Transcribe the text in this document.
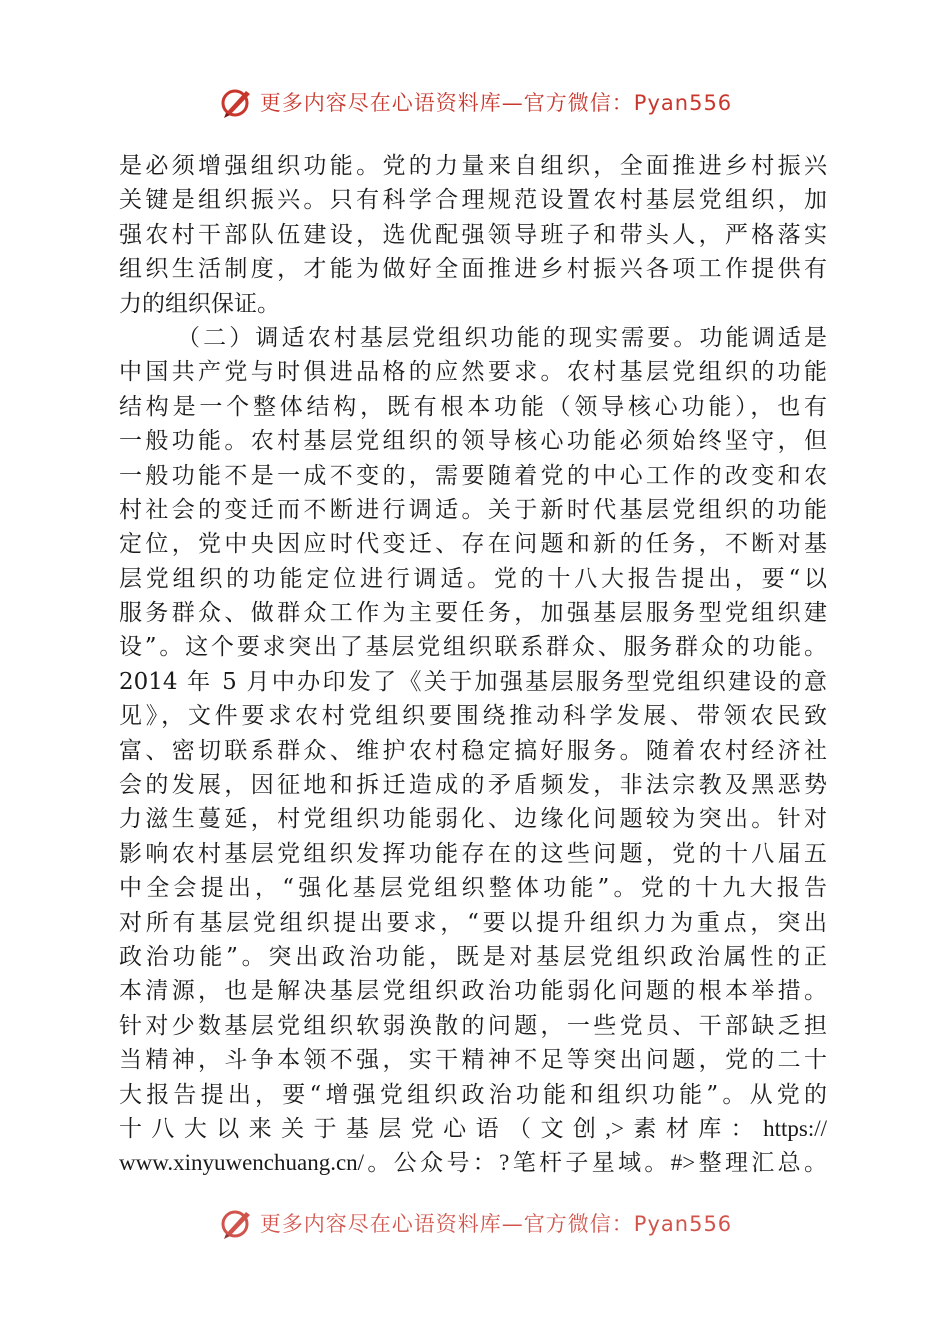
更多内容尽在心语资料库—官方微信：Pyan556
是必须增强组织功能。党的力量来自组织，全面推进乡村振兴
关键是组织振兴。只有科学合理规范设置农村基层党组织，加
强农村干部队伍建设，选优配强领导班子和带头人，严格落实
组织生活制度，才能为做好全面推进乡村振兴各项工作提供有
力的组织保证。
（二）调适农村基层党组织功能的现实需要。功能调适是
中国共产党与时俱进品格的应然要求。农村基层党组织的功能
结构是一个整体结构，既有根本功能（领导核心功能），也有
一般功能。农村基层党组织的领导核心功能必须始终坚守，但
一般功能不是一成不变的，需要随着党的中心工作的改变和农
村社会的变迁而不断进行调适。关于新时代基层党组织的功能
定位，党中央因应时代变迁、存在问题和新的任务，不断对基
层党组织的功能定位进行调适。党的十八大报告提出，要“以
服务群众、做群众工作为主要任务，加强基层服务型党组织建
设”。这个要求突出了基层党组织联系群众、服务群众的功能。
2014 年 5 月中办印发了《关于加强基层服务型党组织建设的意
见》，文件要求农村党组织要围绕推动科学发展、带领农民致
富、密切联系群众、维护农村稳定搞好服务。随着农村经济社
会的发展，因征地和拆迁造成的矛盾频发，非法宗教及黑恶势
力滋生蔓延，村党组织功能弱化、边缘化问题较为突出。针对
影响农村基层党组织发挥功能存在的这些问题，党的十八届五
中全会提出，“强化基层党组织整体功能”。党的十九大报告
对所有基层党组织提出要求，“要以提升组织力为重点，突出
政治功能”。突出政治功能，既是对基层党组织政治属性的正
本清源，也是解决基层党组织政治功能弱化问题的根本举措。
针对少数基层党组织软弱涣散的问题，一些党员、干部缺乏担
当精神，斗争本领不强，实干精神不足等突出问题，党的二十
大报告提出，要“增强党组织政治功能和组织功能”。从党的
十八大以来关于基层党心语（文创,>素材库：https://
www.xinyuwenchuang.cn/。公众号：?笔杆子星域。#>整理汇总。
更多内容尽在心语资料库—官方微信：Pyan556
